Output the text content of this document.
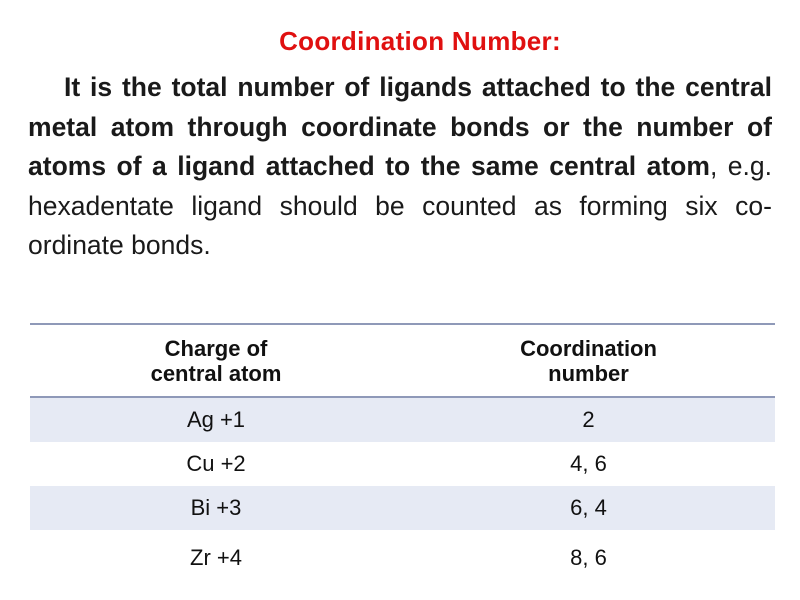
Coordination Number:
It is the total number of ligands attached to the central metal atom through coordinate bonds or the number of atoms of a ligand attached to the same central atom, e.g. hexadentate ligand should be counted as forming six co-ordinate bonds.
Charge of central atom	Coordination number
Ag +1	2
Cu +2	4, 6
Bi +3	6, 4
Zr +4	8, 6
